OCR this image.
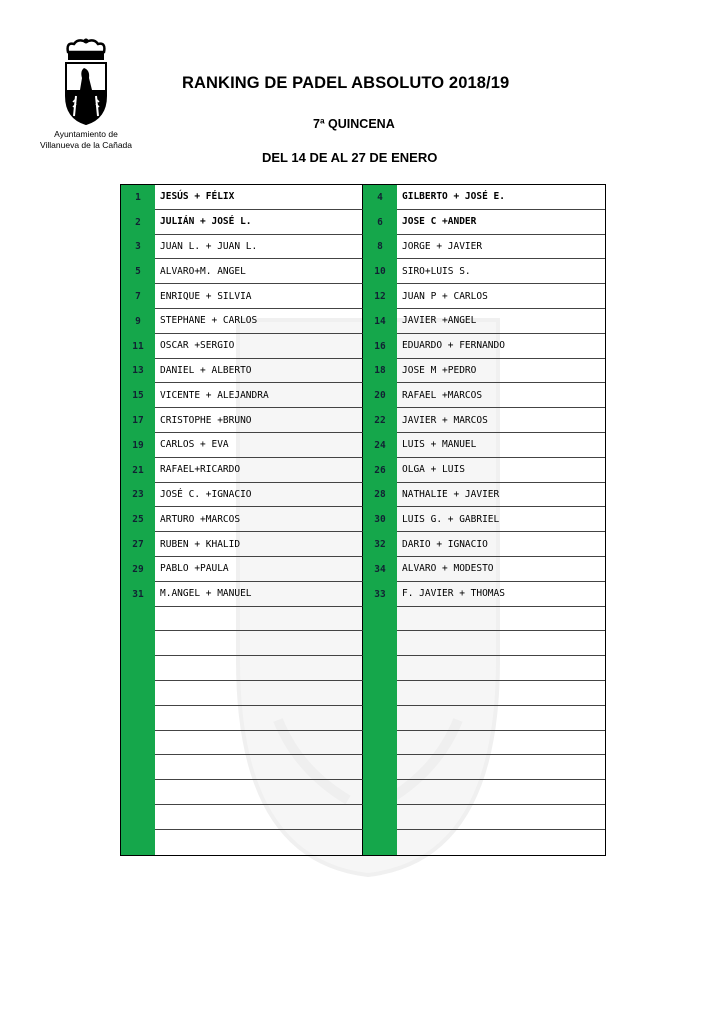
Ayuntamiento de
Villanueva de la Cañada
RANKING DE PADEL ABSOLUTO 2018/19
7ª QUINCENA
DEL 14 DE AL 27 DE ENERO
1	JESÚS + FÉLIX	4	GILBERTO + JOSÉ E.
2	JULIÁN + JOSÉ L.	6	JOSE C +ANDER
3	JUAN L. + JUAN L.	8	JORGE + JAVIER
5	ALVARO+M. ANGEL	10	SIRO+LUIS S.
7	ENRIQUE + SILVIA	12	JUAN P + CARLOS
9	STEPHANE + CARLOS	14	JAVIER +ANGEL
11	OSCAR +SERGIO	16	EDUARDO + FERNANDO
13	DANIEL + ALBERTO	18	JOSE M +PEDRO
15	VICENTE + ALEJANDRA	20	RAFAEL +MARCOS
17	CRISTOPHE +BRUNO	22	JAVIER + MARCOS
19	CARLOS + EVA	24	LUIS + MANUEL
21	RAFAEL+RICARDO	26	OLGA + LUIS
23	JOSÉ C. +IGNACIO	28	NATHALIE + JAVIER
25	ARTURO +MARCOS	30	LUIS G. + GABRIEL
27	RUBEN + KHALID	32	DARIO + IGNACIO
29	PABLO +PAULA	34	ALVARO + MODESTO
31	M.ANGEL + MANUEL	33	F. JAVIER + THOMAS
